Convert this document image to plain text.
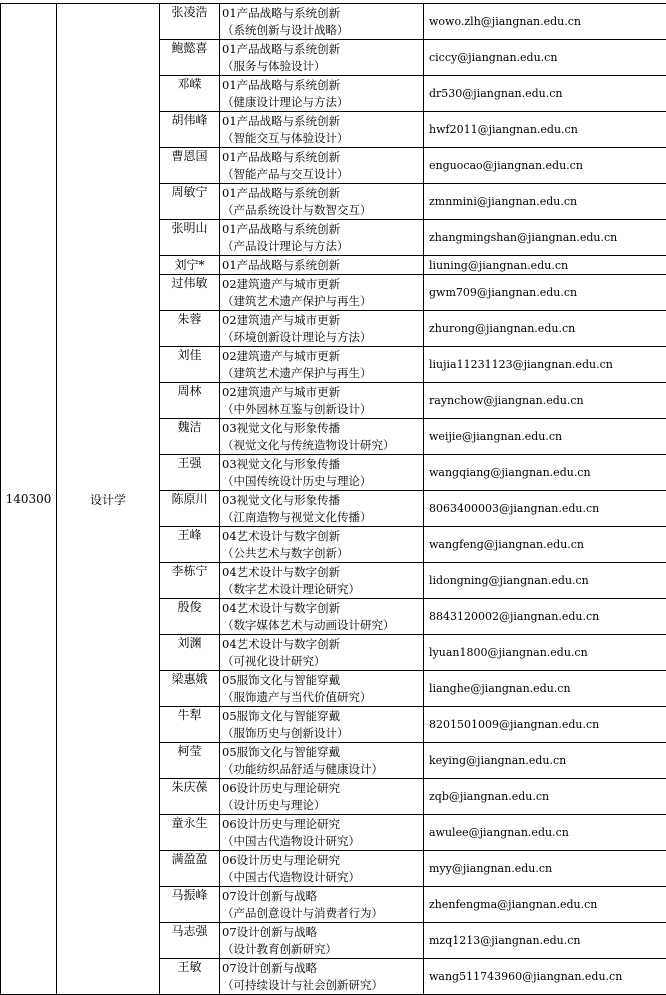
140300	设计学	张凌浩	01产品战略与系统创新
（系统创新与设计战略）	wowo.zlh@jiangnan.edu.cn
		鲍懿喜	01产品战略与系统创新
（服务与体验设计）	ciccy@jiangnan.edu.cn
		邓嵘	01产品战略与系统创新
（健康设计理论与方法）	dr530@jiangnan.edu.cn
		胡伟峰	01产品战略与系统创新
（智能交互与体验设计）	hwf2011@jiangnan.edu.cn
		曹恩国	01产品战略与系统创新
（智能产品与交互设计）	enguocao@jiangnan.edu.cn
		周敏宁	01产品战略与系统创新
（产品系统设计与数智交互）	zmnmini@jiangnan.edu.cn
		张明山	01产品战略与系统创新
（产品设计理论与方法）	zhangmingshan@jiangnan.edu.cn
		刘宁*	01产品战略与系统创新	liuning@jiangnan.edu.cn
		过伟敏	02建筑遗产与城市更新
（建筑艺术遗产保护与再生）	gwm709@jiangnan.edu.cn
		朱蓉	02建筑遗产与城市更新
（环境创新设计理论与方法）	zhurong@jiangnan.edu.cn
		刘佳	02建筑遗产与城市更新
（建筑艺术遗产保护与再生）	liujia11231123@jiangnan.edu.cn
		周林	02建筑遗产与城市更新
（中外园林互鉴与创新设计）	raynchow@jiangnan.edu.cn
		魏洁	03视觉文化与形象传播
（视觉文化与传统造物设计研究）	weijie@jiangnan.edu.cn
		王强	03视觉文化与形象传播
（中国传统设计历史与理论）	wangqiang@jiangnan.edu.cn
		陈原川	03视觉文化与形象传播
（江南造物与视觉文化传播）	8063400003@jiangnan.edu.cn
		王峰	04艺术设计与数字创新
（公共艺术与数字创新）	wangfeng@jiangnan.edu.cn
		李栋宁	04艺术设计与数字创新
（数字艺术设计理论研究）	lidongning@jiangnan.edu.cn
		殷俊	04艺术设计与数字创新
（数字媒体艺术与动画设计研究）	8843120002@jiangnan.edu.cn
		刘渊	04艺术设计与数字创新
（可视化设计研究）	lyuan1800@jiangnan.edu.cn
		梁惠娥	05服饰文化与智能穿戴
（服饰遗产与当代价值研究）	lianghe@jiangnan.edu.cn
		牛犁	05服饰文化与智能穿戴
（服饰历史与创新设计）	8201501009@jiangnan.edu.cn
		柯莹	05服饰文化与智能穿戴
（功能纺织品舒适与健康设计）	keying@jiangnan.edu.cn
		朱庆葆	06设计历史与理论研究
（设计历史与理论）	zqb@jiangnan.edu.cn
		童永生	06设计历史与理论研究
（中国古代造物设计研究）	awulee@jiangnan.edu.cn
		满盈盈	06设计历史与理论研究
（中国古代造物设计研究）	myy@jiangnan.edu.cn
		马振峰	07设计创新与战略
（产品创意设计与消费者行为）	zhenfengma@jiangnan.edu.cn
		马志强	07设计创新与战略
（设计教育创新研究）	mzq1213@jiangnan.edu.cn
		王敏	07设计创新与战略
（可持续设计与社会创新研究）	wang511743960@jiangnan.edu.cn
